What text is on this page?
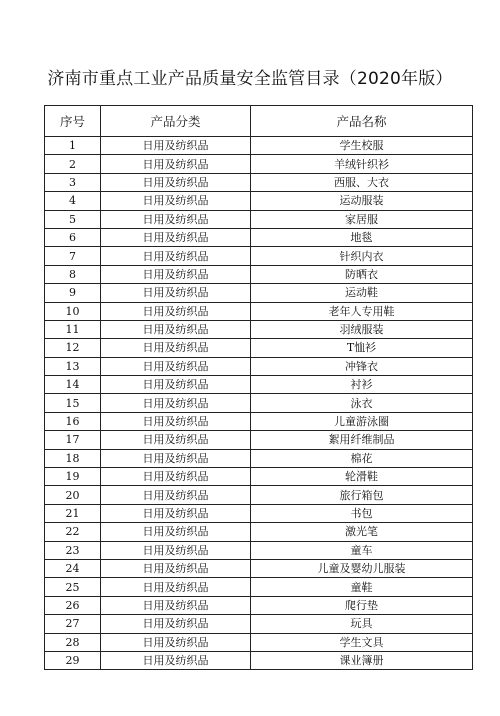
济南市重点工业产品质量安全监管目录（2020年版）
序号	产品分类	产品名称
1	日用及纺织品	学生校服
2	日用及纺织品	羊绒针织衫
3	日用及纺织品	西服、大衣
4	日用及纺织品	运动服装
5	日用及纺织品	家居服
6	日用及纺织品	地毯
7	日用及纺织品	针织内衣
8	日用及纺织品	防晒衣
9	日用及纺织品	运动鞋
10	日用及纺织品	老年人专用鞋
11	日用及纺织品	羽绒服装
12	日用及纺织品	T恤衫
13	日用及纺织品	冲锋衣
14	日用及纺织品	衬衫
15	日用及纺织品	泳衣
16	日用及纺织品	儿童游泳圈
17	日用及纺织品	絮用纤维制品
18	日用及纺织品	棉花
19	日用及纺织品	轮滑鞋
20	日用及纺织品	旅行箱包
21	日用及纺织品	书包
22	日用及纺织品	激光笔
23	日用及纺织品	童车
24	日用及纺织品	儿童及婴幼儿服装
25	日用及纺织品	童鞋
26	日用及纺织品	爬行垫
27	日用及纺织品	玩具
28	日用及纺织品	学生文具
29	日用及纺织品	课业簿册
